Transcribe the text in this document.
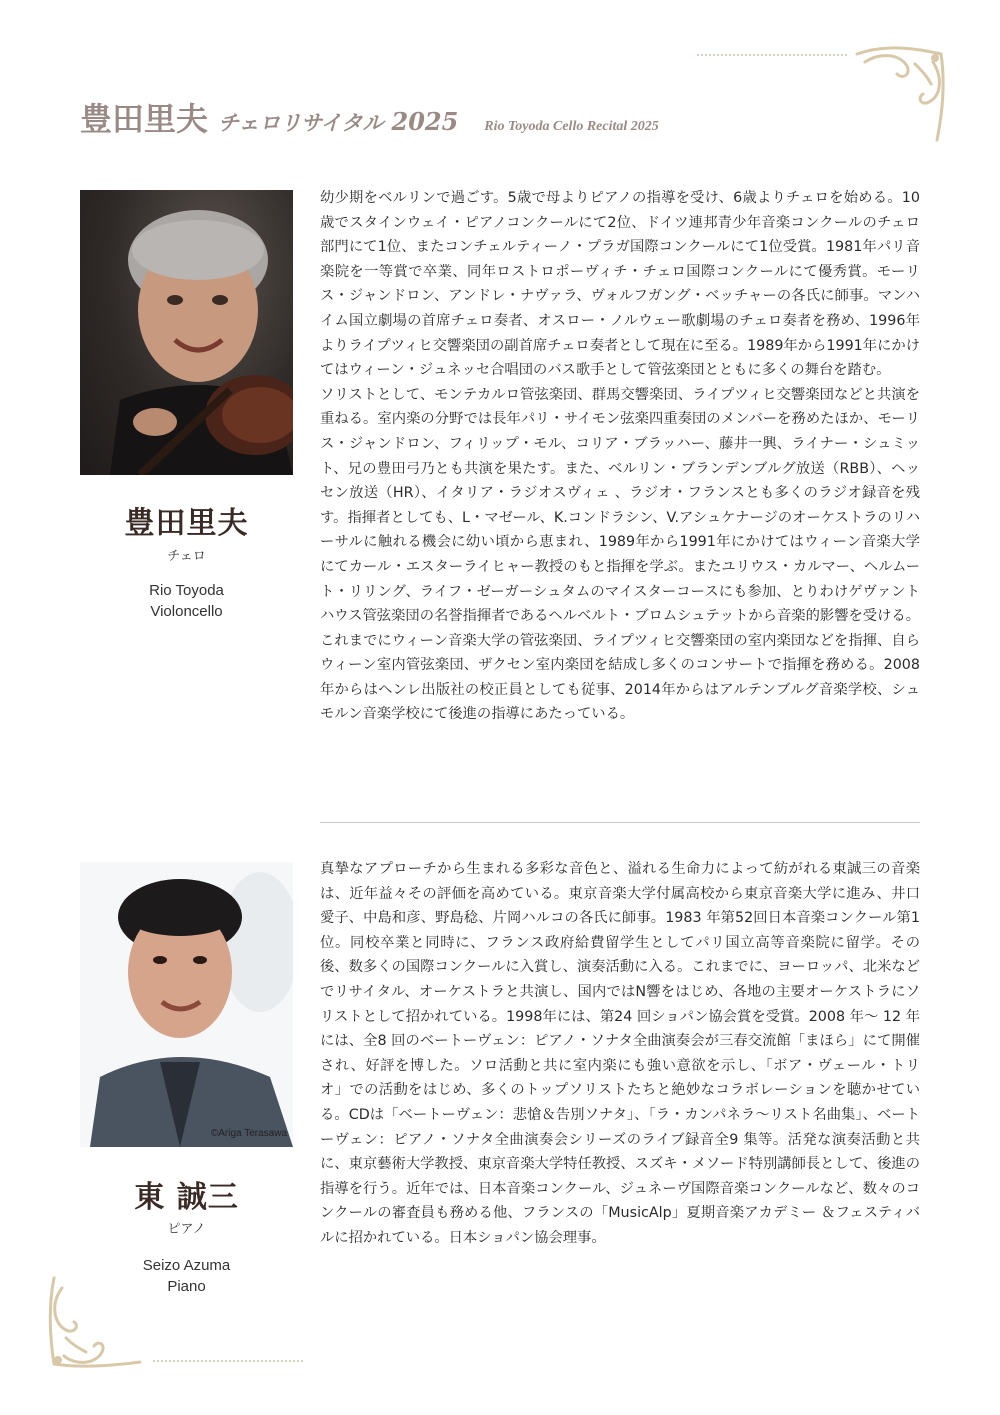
豊田里夫 チェロリサイタル 2025 Rio Toyoda Cello Recital 2025
豊田里夫
チェロ
Rio Toyoda
Violoncello

幼少期をベルリンで過ごす。5歳で母よりピアノの指導を受け、6歳よりチェロを始める。10歳でスタインウェイ・ピアノコンクールにて2位、ドイツ連邦青少年音楽コンクールのチェロ部門にて1位、またコンチェルティーノ・プラガ国際コンクールにて1位受賞。1981年パリ音楽院を一等賞で卒業、同年ロストロポーヴィチ・チェロ国際コンクールにて優秀賞。モーリス・ジャンドロン、アンドレ・ナヴァラ、ヴォルフガング・ベッチャーの各氏に師事。マンハイム国立劇場の首席チェロ奏者、オスロー・ノルウェー歌劇場のチェロ奏者を務め、1996年よりライプツィヒ交響楽団の副首席チェロ奏者として現在に至る。1989年から1991年にかけてはウィーン・ジュネッセ合唱団のバス歌手として管弦楽団とともに多くの舞台を踏む。

ソリストとして、モンテカルロ管弦楽団、群馬交響楽団、ライプツィヒ交響楽団などと共演を重ねる。室内楽の分野では長年パリ・サイモン弦楽四重奏団のメンバーを務めたほか、モーリス・ジャンドロン、フィリップ・モル、コリア・ブラッハー、藤井一興、ライナー・シュミット、兄の豊田弓乃とも共演を果たす。また、ベルリン・ブランデンブルグ放送（RBB）、ヘッセン放送（HR）、イタリア・ラジオスヴィェ 、ラジオ・フランスとも多くのラジオ録音を残す。指揮者としても、L・マゼール、K.コンドラシン、V.アシュケナージのオーケストラのリハーサルに触れる機会に幼い頃から恵まれ、1989年から1991年にかけてはウィーン音楽大学にてカール・エスターライヒャー教授のもと指揮を学ぶ。またユリウス・カルマー、ヘルムート・リリング、ライフ・ゼーガーシュタムのマイスターコースにも参加、とりわけゲヴァントハウス管弦楽団の名誉指揮者であるヘルベルト・ブロムシュテットから音楽的影響を受ける。これまでにウィーン音楽大学の管弦楽団、ライプツィヒ交響楽団の室内楽団などを指揮、自らウィーン室内管弦楽団、ザクセン室内楽団を結成し多くのコンサートで指揮を務める。2008年からはヘンレ出版社の校正員としても従事、2014年からはアルテンブルグ音楽学校、シュモルン音楽学校にて後進の指導にあたっている。

©Ariga Terasawa
東 誠三
ピアノ
Seizo Azuma
Piano

真摯なアプローチから生まれる多彩な音色と、溢れる生命力によって紡がれる東誠三の音楽は、近年益々その評価を高めている。東京音楽大学付属高校から東京音楽大学に進み、井口愛子、中島和彦、野島稔、片岡ハルコの各氏に師事。1983 年第52回日本音楽コンクール第1位。同校卒業と同時に、フランス政府給費留学生としてパリ国立高等音楽院に留学。その後、数多くの国際コンクールに入賞し、演奏活動に入る。これまでに、ヨーロッパ、北米などでリサイタル、オーケストラと共演し、国内ではN響をはじめ、各地の主要オーケストラにソリストとして招かれている。1998年には、第24 回ショパン協会賞を受賞。2008 年～ 12 年には、全8 回のベートーヴェン：ピアノ・ソナタ全曲演奏会が三春交流館「まほら」にて開催され、好評を博した。ソロ活動と共に室内楽にも強い意欲を示し、「ボア・ヴェール・トリオ」での活動をはじめ、多くのトップソリストたちと絶妙なコラボレーションを聴かせている。CDは「ベートーヴェン：悲愴＆告別ソナタ」、「ラ・カンパネラ～リスト名曲集」、ベートーヴェン：ピアノ・ソナタ全曲演奏会シリーズのライブ録音全9 集等。活発な演奏活動と共に、東京藝術大学教授、東京音楽大学特任教授、スズキ・メソード特別講師長として、後進の指導を行う。近年では、日本音楽コンクール、ジュネーヴ国際音楽コンクールなど、数々のコンクールの審査員も務める他、フランスの「MusicAlp」夏期音楽アカデミー ＆フェスティバルに招かれている。日本ショパン協会理事。
